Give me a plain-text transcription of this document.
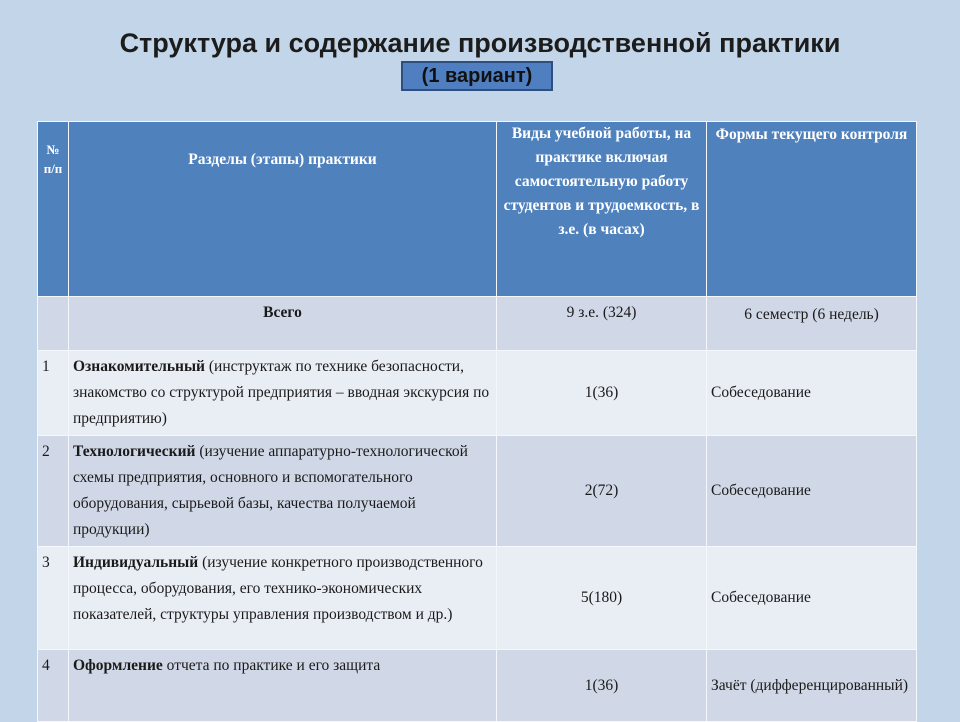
Структура и содержание производственной практики
(1 вариант)
№ п/п	Разделы (этапы) практики	Виды учебной работы, на практике включая самостоятельную работу студентов и трудоемкость, в з.е. (в часах)	Формы текущего контроля
	Всего	9 з.е. (324)	6 семестр (6 недель)
1	Ознакомительный (инструктаж по технике безопасности, знакомство со структурой предприятия – вводная экскурсия по предприятию)	1(36)	Собеседование
2	Технологический (изучение аппаратурно-технологической схемы предприятия, основного и вспомогательного оборудования, сырьевой базы, качества получаемой продукции)	2(72)	Собеседование
3	Индивидуальный (изучение конкретного производственного процесса, оборудования, его технико-экономических показателей, структуры управления производством и др.)	5(180)	Собеседование
4	Оформление отчета по практике и его защита	1(36)	Зачёт (дифференцированный)
